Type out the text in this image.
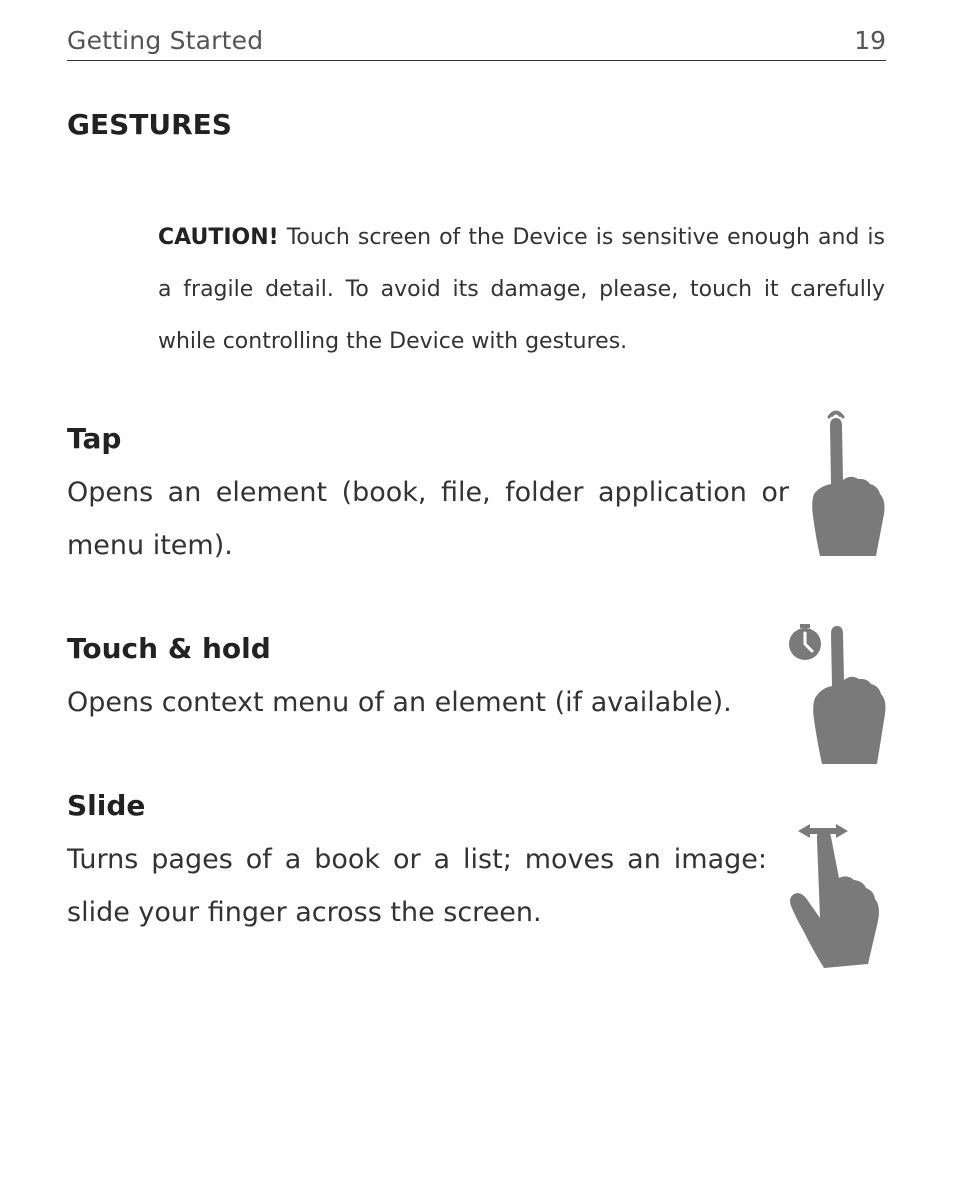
Getting Started	19
GESTURES

CAUTION! Touch screen of the Device is sensitive enough and is a fragile detail. To avoid its damage, please, touch it carefully while controlling the Device with gestures.

Tap

Opens an element (book, file, folder application or menu item).

Touch & hold

Opens context menu of an element (if available).

Slide

Turns pages of a book or a list; moves an image: slide your finger across the screen.
